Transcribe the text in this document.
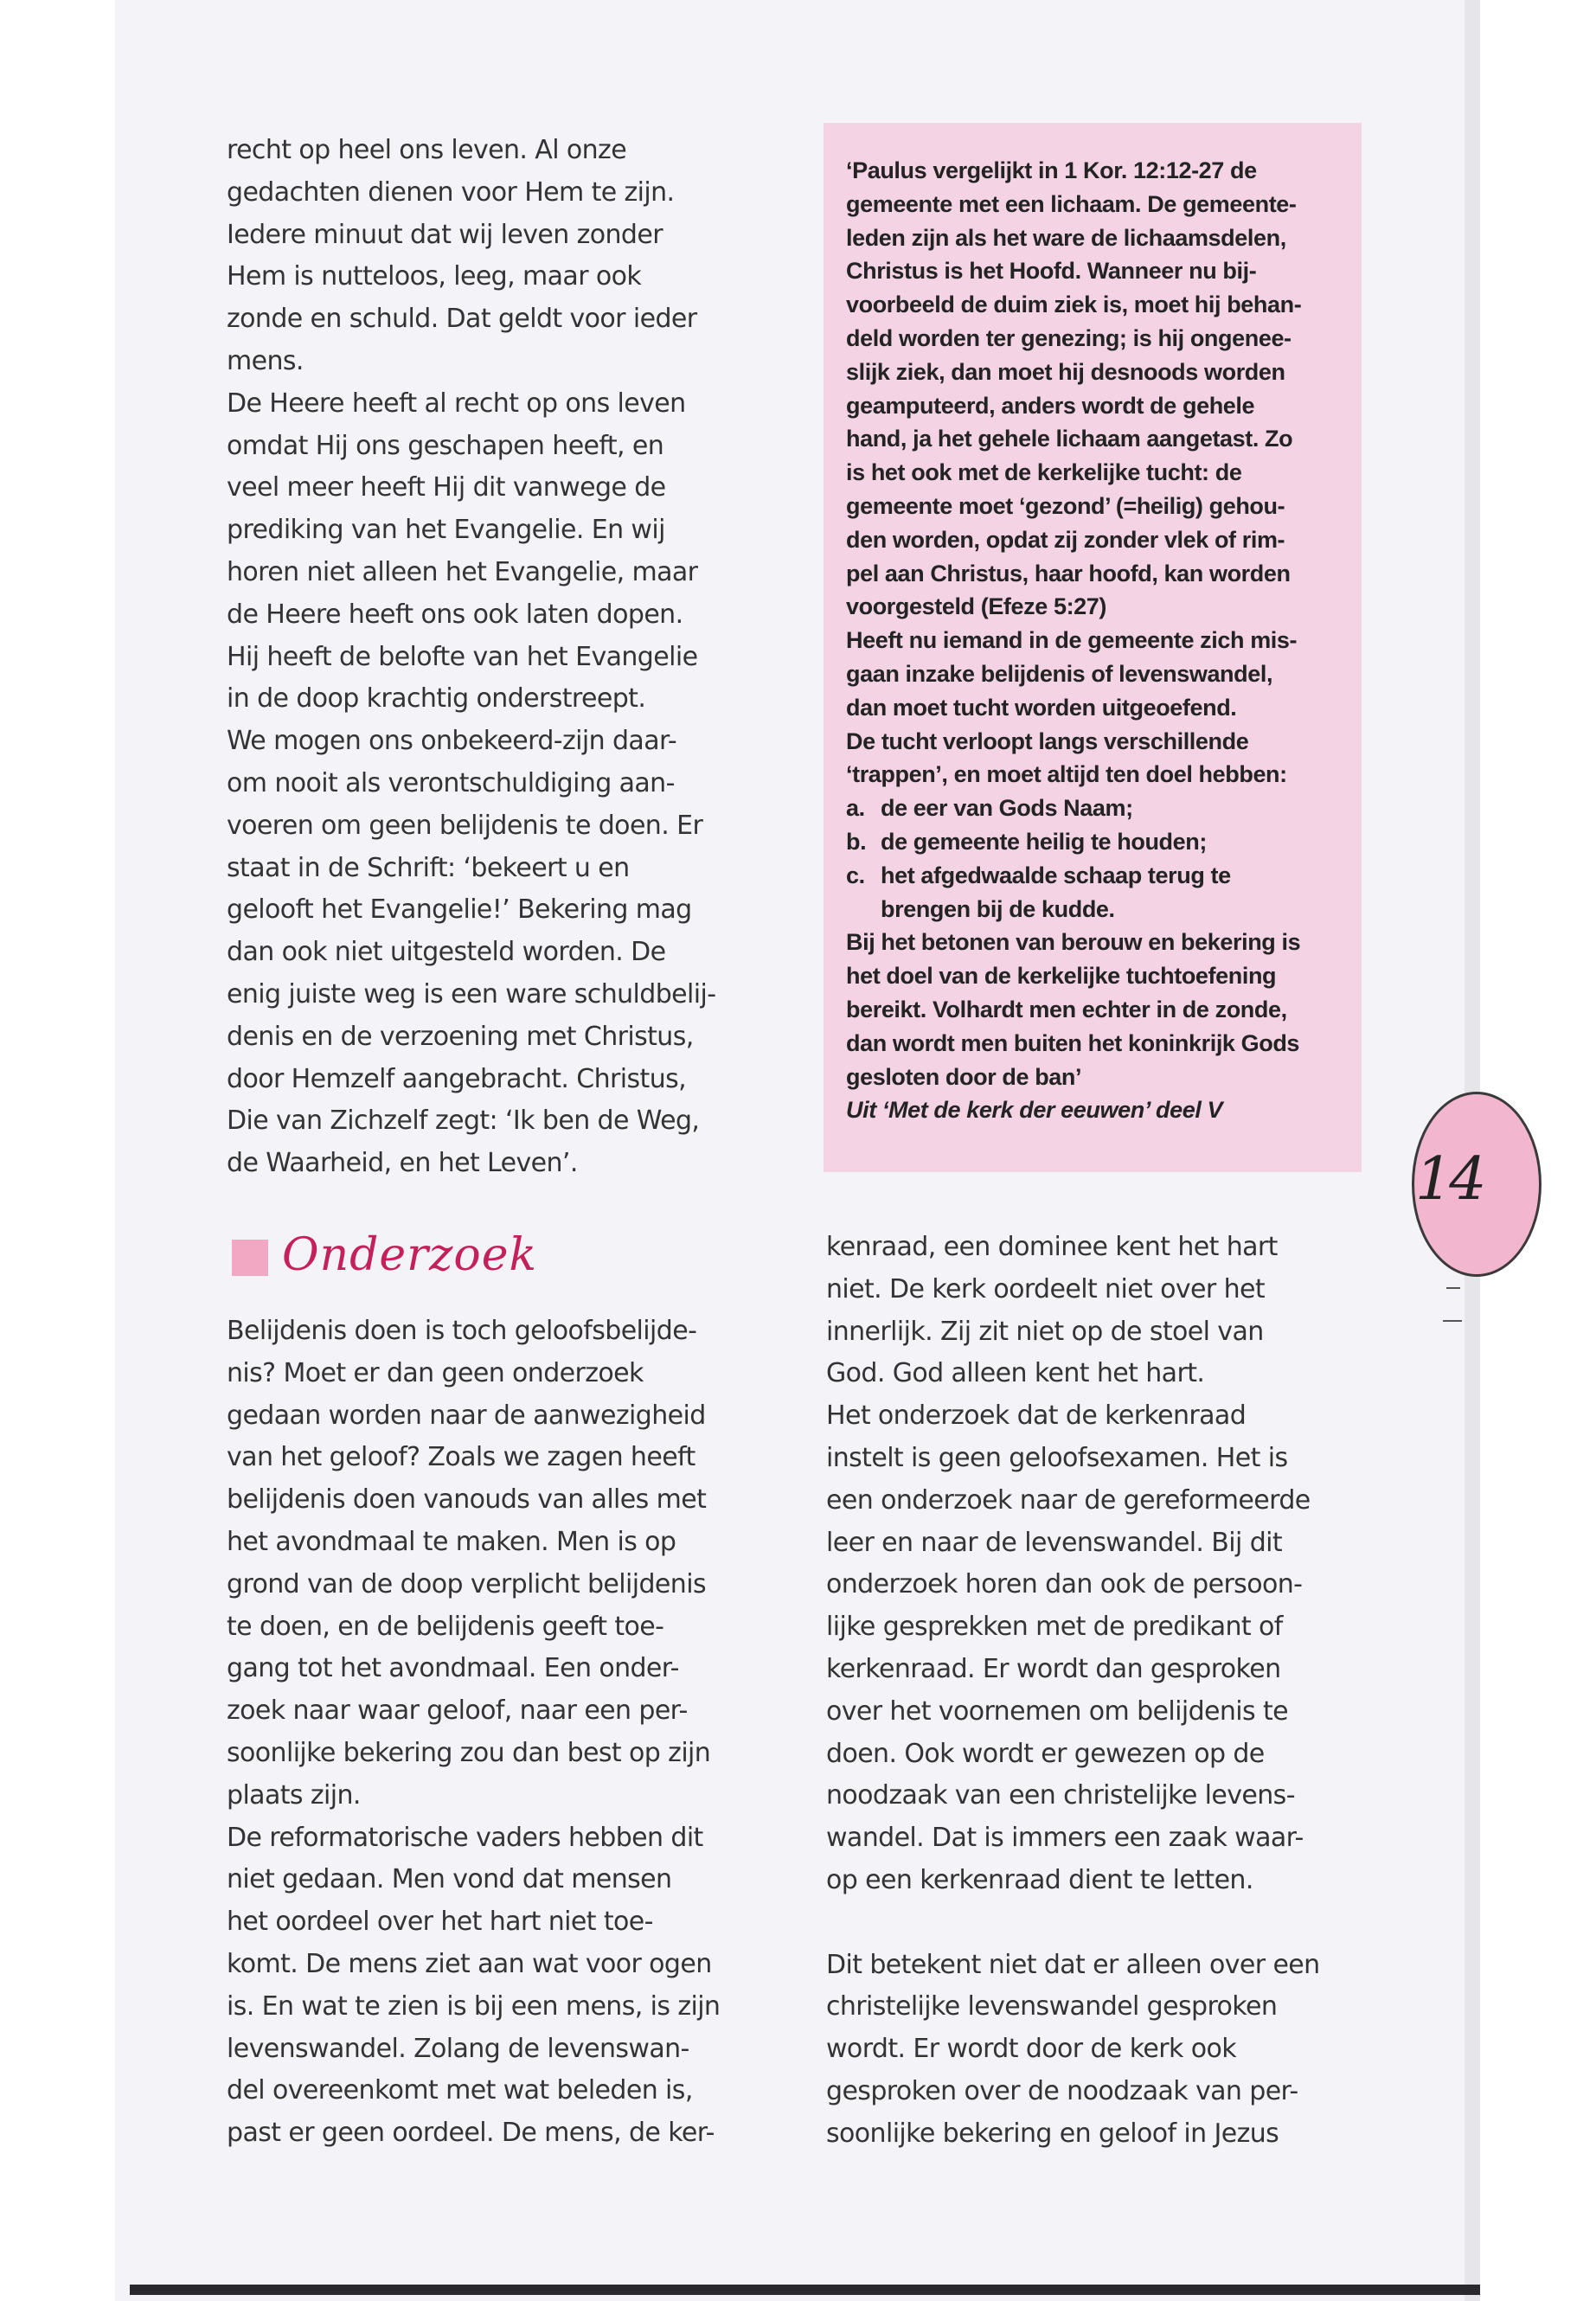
recht op heel ons leven. Al onze

gedachten dienen voor Hem te zijn.

Iedere minuut dat wij leven zonder

Hem is nutteloos, leeg, maar ook

zonde en schuld. Dat geldt voor ieder

mens.

De Heere heeft al recht op ons leven

omdat Hij ons geschapen heeft, en

veel meer heeft Hij dit vanwege de

prediking van het Evangelie. En wij

horen niet alleen het Evangelie, maar

de Heere heeft ons ook laten dopen.

Hij heeft de belofte van het Evangelie

in de doop krachtig onderstreept.

We mogen ons onbekeerd-zijn daar-

om nooit als verontschuldiging aan-

voeren om geen belijdenis te doen. Er

staat in de Schrift: ‘bekeert u en

gelooft het Evangelie!’ Bekering mag

dan ook niet uitgesteld worden. De

enig juiste weg is een ware schuldbelij-

denis en de verzoening met Christus,

door Hemzelf aangebracht. Christus,

Die van Zichzelf zegt: ‘Ik ben de Weg,

de Waarheid, en het Leven’.

‘Paulus vergelijkt in 1 Kor. 12:12-27 de

gemeente met een lichaam. De gemeente-

leden zijn als het ware de lichaamsdelen,

Christus is het Hoofd. Wanneer nu bij-

voorbeeld de duim ziek is, moet hij behan-

deld worden ter genezing; is hij ongenee-

slijk ziek, dan moet hij desnoods worden

geamputeerd, anders wordt de gehele

hand, ja het gehele lichaam aangetast. Zo

is het ook met de kerkelijke tucht: de

gemeente moet ‘gezond’ (=heilig) gehou-

den worden, opdat zij zonder vlek of rim-

pel aan Christus, haar hoofd, kan worden

voorgesteld (Efeze 5:27)

Heeft nu iemand in de gemeente zich mis-

gaan inzake belijdenis of levenswandel,

dan moet tucht worden uitgeoefend.

De tucht verloopt langs verschillende

‘trappen’, en moet altijd ten doel hebben:

a. de eer van Gods Naam;
b. de gemeente heilig te houden;
c. het afgedwaalde schaap terug te
brengen bij de kudde.

Bij het betonen van berouw en bekering is

het doel van de kerkelijke tuchtoefening

bereikt. Volhardt men echter in de zonde,

dan wordt men buiten het koninkrijk Gods

gesloten door de ban’

Uit ‘Met de kerk der eeuwen’ deel V

Onderzoek

Belijdenis doen is toch geloofsbelijde-

nis? Moet er dan geen onderzoek

gedaan worden naar de aanwezigheid

van het geloof? Zoals we zagen heeft

belijdenis doen vanouds van alles met

het avondmaal te maken. Men is op

grond van de doop verplicht belijdenis

te doen, en de belijdenis geeft toe-

gang tot het avondmaal. Een onder-

zoek naar waar geloof, naar een per-

soonlijke bekering zou dan best op zijn

plaats zijn.

De reformatorische vaders hebben dit

niet gedaan. Men vond dat mensen

het oordeel over het hart niet toe-

komt. De mens ziet aan wat voor ogen

is. En wat te zien is bij een mens, is zijn

levenswandel. Zolang de levenswan-

del overeenkomt met wat beleden is,

past er geen oordeel. De mens, de ker-

kenraad, een dominee kent het hart

niet. De kerk oordeelt niet over het

innerlijk. Zij zit niet op de stoel van

God. God alleen kent het hart.

Het onderzoek dat de kerkenraad

instelt is geen geloofsexamen. Het is

een onderzoek naar de gereformeerde

leer en naar de levenswandel. Bij dit

onderzoek horen dan ook de persoon-

lijke gesprekken met de predikant of

kerkenraad. Er wordt dan gesproken

over het voornemen om belijdenis te

doen. Ook wordt er gewezen op de

noodzaak van een christelijke levens-

wandel. Dat is immers een zaak waar-

op een kerkenraad dient te letten.

Dit betekent niet dat er alleen over een

christelijke levenswandel gesproken

wordt. Er wordt door de kerk ook

gesproken over de noodzaak van per-

soonlijke bekering en geloof in Jezus

14
